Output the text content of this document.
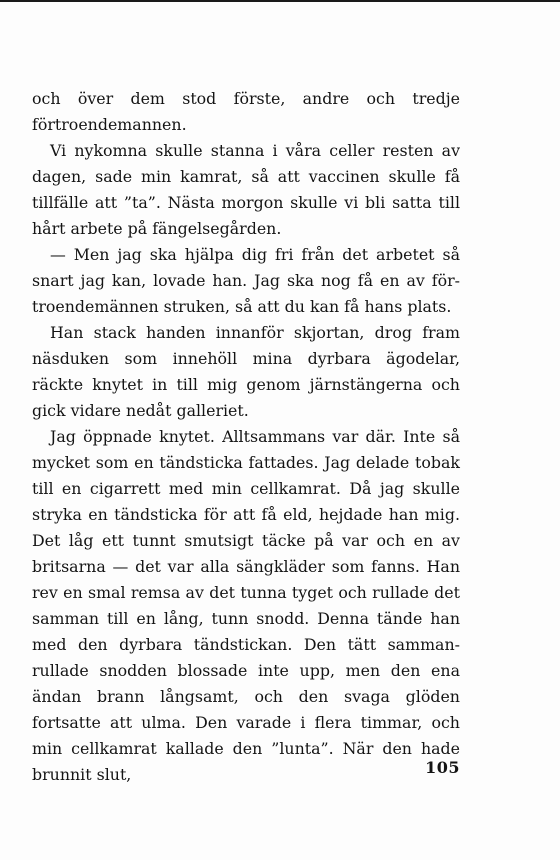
och över dem stod förste, andre och tredje förtroendemannen.

Vi nykomna skulle stanna i våra celler resten av dagen, sade min kamrat, så att vaccinen skulle få tillfälle att ”ta”. Nästa morgon skulle vi bli satta till hårt arbete på fängelsegården.

— Men jag ska hjälpa dig fri från det arbetet så snart jag kan, lovade han. Jag ska nog få en av förtroendemännen struken, så att du kan få hans plats.

Han stack handen innanför skjortan, drog fram näsduken som innehöll mina dyrbara ägodelar, räckte knytet in till mig genom järnstängerna och gick vidare nedåt galleriet.

Jag öppnade knytet. Alltsammans var där. Inte så mycket som en tändsticka fattades. Jag delade tobak till en cigarrett med min cellkamrat. Då jag skulle stryka en tändsticka för att få eld, hejdade han mig. Det låg ett tunnt smutsigt täcke på var och en av britsarna — det var alla sängkläder som fanns. Han rev en smal remsa av det tunna tyget och rullade det samman till en lång, tunn snodd. Denna tände han med den dyrbara tändstickan. Den tätt sammanrullade snodden blossade inte upp, men den ena ändan brann långsamt, och den svaga glöden fortsatte att ulma. Den varade i flera timmar, och min cellkamrat kallade den ”lunta”. När den hade brunnit slut,	105
